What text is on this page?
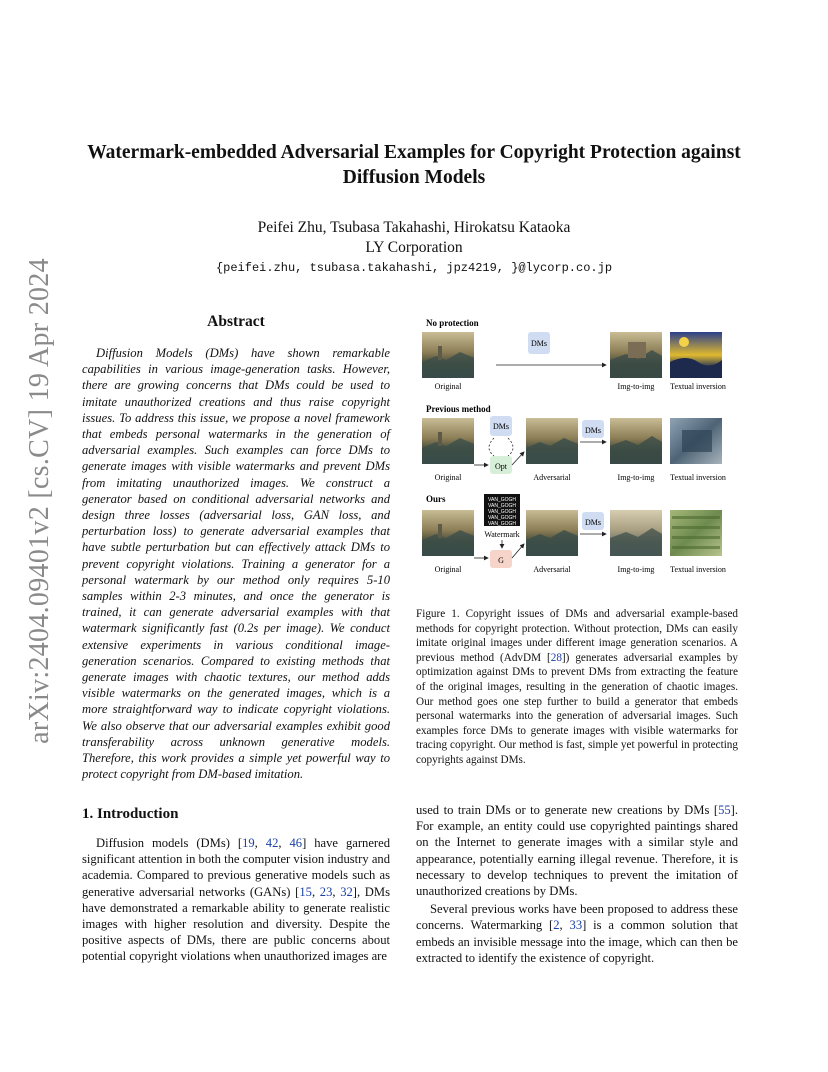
arXiv:2404.09401v2 [cs.CV] 19 Apr 2024
Watermark-embedded Adversarial Examples for Copyright Protection against Diffusion Models
Peifei Zhu, Tsubasa Takahashi, Hirokatsu Kataoka
LY Corporation
{peifei.zhu, tsubasa.takahashi, jpz4219, }@lycorp.co.jp
Abstract
Diffusion Models (DMs) have shown remarkable capabilities in various image-generation tasks. However, there are growing concerns that DMs could be used to imitate unauthorized creations and thus raise copyright issues. To address this issue, we propose a novel framework that embeds personal watermarks in the generation of adversarial examples. Such examples can force DMs to generate images with visible watermarks and prevent DMs from imitating unauthorized images. We construct a generator based on conditional adversarial networks and design three losses (adversarial loss, GAN loss, and perturbation loss) to generate adversarial examples that have subtle perturbation but can effectively attack DMs to prevent copyright violations. Training a generator for a personal watermark by our method only requires 5-10 samples within 2-3 minutes, and once the generator is trained, it can generate adversarial examples with that watermark significantly fast (0.2s per image). We conduct extensive experiments in various conditional image-generation scenarios. Compared to existing methods that generate images with chaotic textures, our method adds visible watermarks on the generated images, which is a more straightforward way to indicate copyright violations. We also observe that our adversarial examples exhibit good transferability across unknown generative models. Therefore, this work provides a simple yet powerful way to protect copyright from DM-based imitation.
1. Introduction
Diffusion models (DMs) [19, 42, 46] have garnered significant attention in both the computer vision industry and academia. Compared to previous generative models such as generative adversarial networks (GANs) [15, 23, 32], DMs have demonstrated a remarkable ability to generate realistic images with higher resolution and diversity. Despite the positive aspects of DMs, there are public concerns about potential copyright violations when unauthorized images are

used to train DMs or to generate new creations by DMs [55]. For example, an entity could use copyrighted paintings shared on the Internet to generate images with a similar style and appearance, potentially earning illegal revenue. Therefore, it is necessary to develop techniques to prevent the imitation of unauthorized creations by DMs.

Several previous works have been proposed to address these concerns. Watermarking [2, 33] is a common solution that embeds an invisible message into the image, which can then be extracted to identify the existence of copyright.

No protection
Original
DMs
Img-to-img Textual inversion
Previous method
Original
DMs
Opt
Adversarial
DMs
Img-to-img Textual inversion
Ours
Original
VAN_GOGH
VAN_GOGH
VAN_GOGH
VAN_GOGH
VAN_GOGH
Watermark
G
Adversarial
DMs
Img-to-img Textual inversion
Figure 1. Copyright issues of DMs and adversarial example-based methods for copyright protection. Without protection, DMs can easily imitate original images under different image generation scenarios. A previous method (AdvDM [28]) generates adversarial examples by optimization against DMs to prevent DMs from extracting the feature of the original images, resulting in the generation of chaotic images. Our method goes one step further to build a generator that embeds personal watermarks into the generation of adversarial images. Such examples force DMs to generate images with visible watermarks for tracing copyright. Our method is fast, simple yet powerful in protecting copyrights against DMs.
